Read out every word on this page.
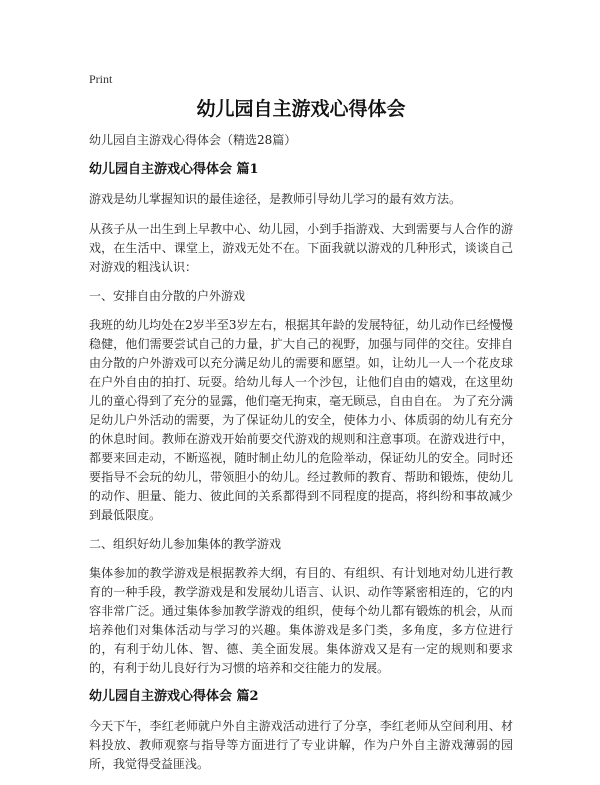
Print
幼儿园自主游戏心得体会
幼儿园自主游戏心得体会（精选28篇）
幼儿园自主游戏心得体会 篇1

游戏是幼儿掌握知识的最佳途径，是教师引导幼儿学习的最有效方法。

从孩子从一出生到上早教中心、幼儿园，小到手指游戏、大到需要与人合作的游戏，在生活中、课堂上，游戏无处不在。下面我就以游戏的几种形式，谈谈自己对游戏的粗浅认识：

一、安排自由分散的户外游戏

我班的幼儿均处在2岁半至3岁左右，根据其年龄的发展特征，幼儿动作已经慢慢稳健，他们需要尝试自己的力量，扩大自己的视野，加强与同伴的交往。安排自由分散的户外游戏可以充分满足幼儿的需要和愿望。如，让幼儿一人一个花皮球在户外自由的拍打、玩耍。给幼儿每人一个沙包，让他们自由的嬉戏，在这里幼儿的童心得到了充分的显露，他们毫无拘束，毫无顾忌，自由自在。 为了充分满足幼儿户外活动的需要，为了保证幼儿的安全，使体力小、体质弱的幼儿有充分的休息时间。教师在游戏开始前要交代游戏的规则和注意事项。在游戏进行中，都要来回走动，不断巡视，随时制止幼儿的危险举动，保证幼儿的安全。同时还要指导不会玩的幼儿，带领胆小的幼儿。经过教师的教育、帮助和锻炼，使幼儿的动作、胆量、能力、彼此间的关系都得到不同程度的提高，将纠纷和事故减少到最低限度。

二、组织好幼儿参加集体的教学游戏

集体参加的教学游戏是根据教养大纲，有目的、有组织、有计划地对幼儿进行教育的一种手段，教学游戏是和发展幼儿语言、认识、动作等紧密相连的，它的内容非常广泛。通过集体参加教学游戏的组织，使每个幼儿都有锻炼的机会，从而培养他们对集体活动与学习的兴趣。集体游戏是多门类，多角度，多方位进行的，有利于幼儿体、智、德、美全面发展。集体游戏又是有一定的规则和要求的，有利于幼儿良好行为习惯的培养和交往能力的发展。

幼儿园自主游戏心得体会 篇2

今天下午，李红老师就户外自主游戏活动进行了分享，李红老师从空间利用、材料投放、教师观察与指导等方面进行了专业讲解，作为户外自主游戏薄弱的园所，我觉得受益匪浅。
